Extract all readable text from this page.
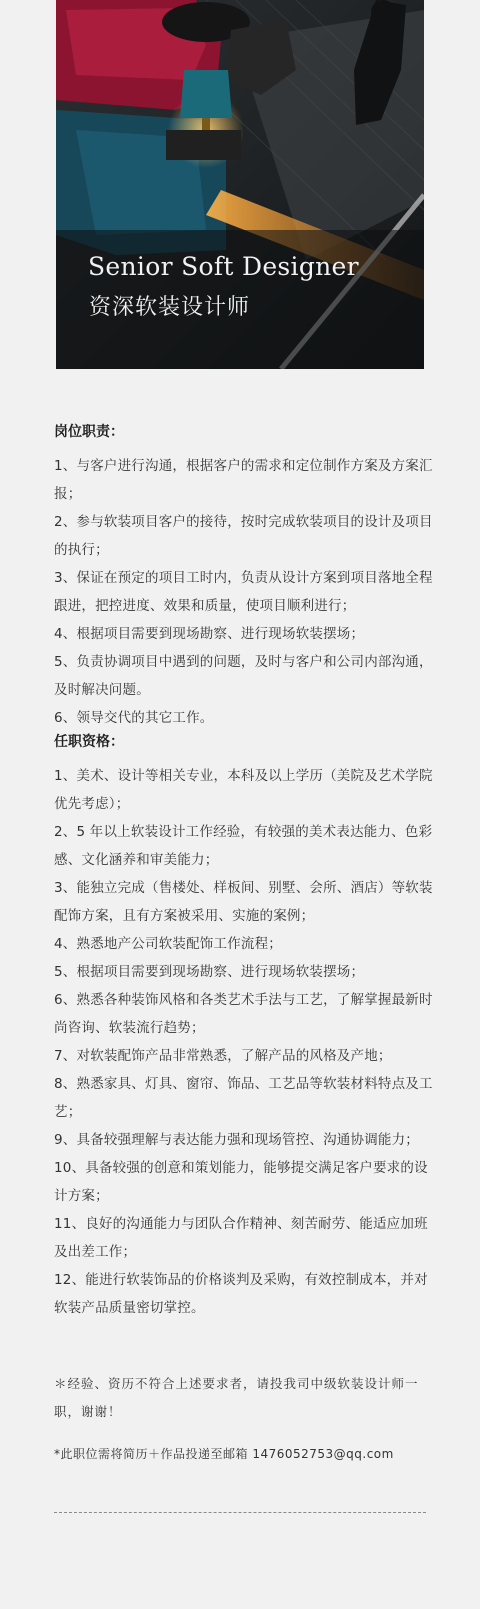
Senior Soft Designer
资深软装设计师

岗位职责：

1、与客户进行沟通，根据客户的需求和定位制作方案及方案汇报；

2、参与软装项目客户的接待，按时完成软装项目的设计及项目的执行；

3、保证在预定的项目工时内，负责从设计方案到项目落地全程跟进，把控进度、效果和质量，使项目顺利进行；

4、根据项目需要到现场勘察、进行现场软装摆场；

5、负责协调项目中遇到的问题，及时与客户和公司内部沟通，及时解决问题。

6、领导交代的其它工作。

任职资格：

1、美术、设计等相关专业，本科及以上学历（美院及艺术学院优先考虑）；

2、5 年以上软装设计工作经验，有较强的美术表达能力、色彩感、文化涵养和审美能力；

3、能独立完成（售楼处、样板间、别墅、会所、酒店）等软装配饰方案，且有方案被采用、实施的案例；

4、熟悉地产公司软装配饰工作流程；

5、根据项目需要到现场勘察、进行现场软装摆场；

6、熟悉各种装饰风格和各类艺术手法与工艺，了解掌握最新时尚咨询、软装流行趋势；

7、对软装配饰产品非常熟悉，了解产品的风格及产地；

8、熟悉家具、灯具、窗帘、饰品、工艺品等软装材料特点及工艺；

9、具备较强理解与表达能力强和现场管控、沟通协调能力；

10、具备较强的创意和策划能力，能够提交满足客户要求的设计方案；

11、良好的沟通能力与团队合作精神、刻苦耐劳、能适应加班及出差工作；

12、能进行软装饰品的价格谈判及采购，有效控制成本，并对软装产品质量密切掌控。

＊经验、资历不符合上述要求者，请投我司中级软装设计师一职，谢谢！

*此职位需将简历＋作品投递至邮箱 1476052753@qq.com
